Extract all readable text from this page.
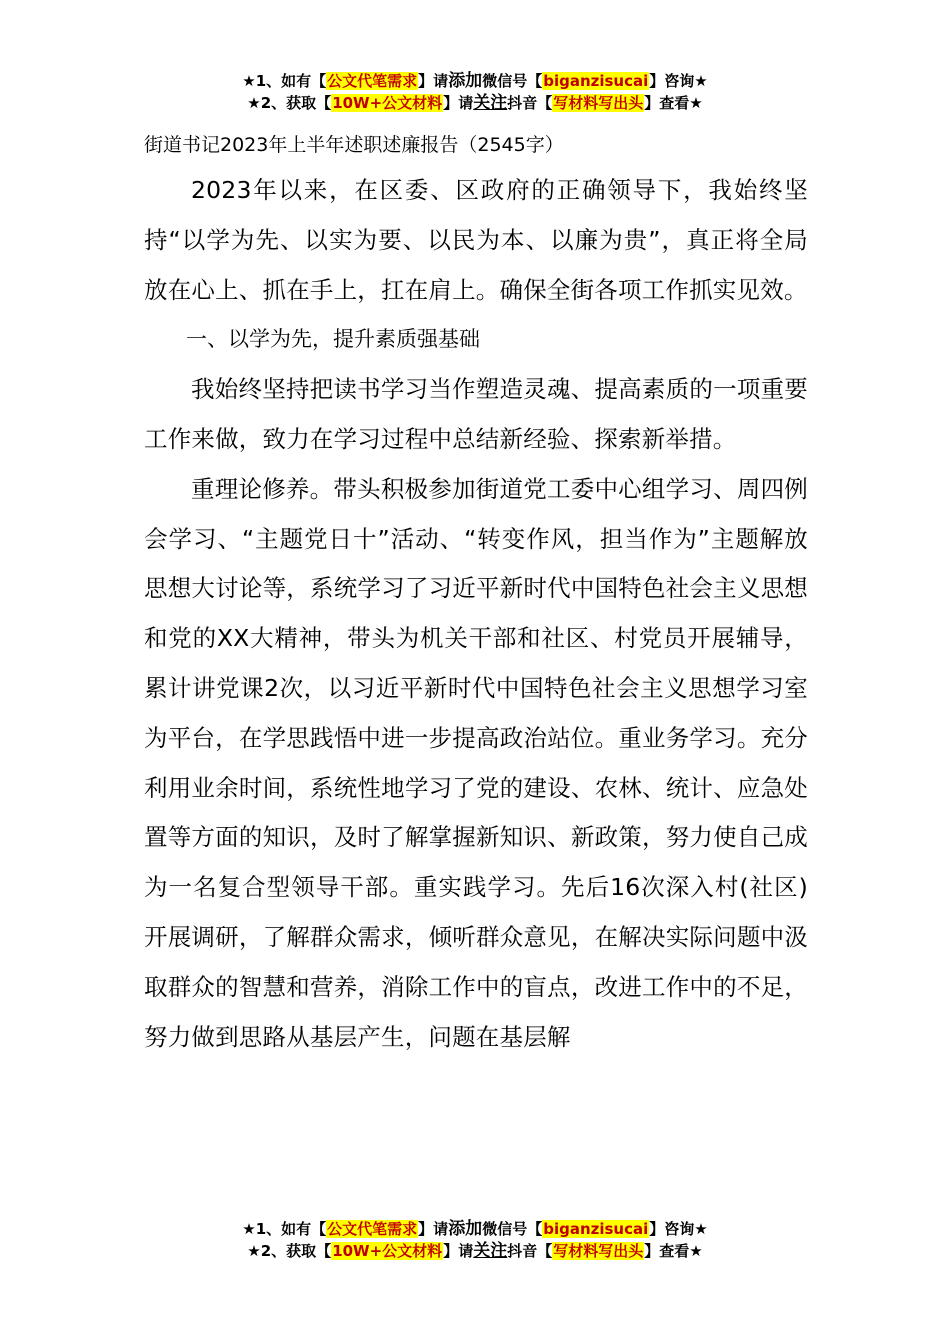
★1、如有【公文代笔需求】请添加微信号【biganzisucai】咨询★
★2、获取【10W+公文材料】请关注抖音【写材料写出头】查看★
街道书记2023年上半年述职述廉报告（2545字）

2023年以来，在区委、区政府的正确领导下，我始终坚持“以学为先、以实为要、以民为本、以廉为贵”，真正将全局放在心上、抓在手上，扛在肩上。确保全街各项工作抓实见效。

一、以学为先，提升素质强基础

我始终坚持把读书学习当作塑造灵魂、提高素质的一项重要工作来做，致力在学习过程中总结新经验、探索新举措。

重理论修养。带头积极参加街道党工委中心组学习、周四例会学习、“主题党日十”活动、“转变作风，担当作为”主题解放思想大讨论等，系统学习了习近平新时代中国特色社会主义思想和党的XX大精神，带头为机关干部和社区、村党员开展辅导，累计讲党课2次，以习近平新时代中国特色社会主义思想学习室为平台，在学思践悟中进一步提高政治站位。重业务学习。充分利用业余时间，系统性地学习了党的建设、农林、统计、应急处置等方面的知识，及时了解掌握新知识、新政策，努力使自己成为一名复合型领导干部。重实践学习。先后16次深入村(社区)开展调研，了解群众需求，倾听群众意见，在解决实际问题中汲取群众的智慧和营养，消除工作中的盲点，改进工作中的不足，努力做到思路从基层产生，问题在基层解

★1、如有【公文代笔需求】请添加微信号【biganzisucai】咨询★
★2、获取【10W+公文材料】请关注抖音【写材料写出头】查看★
